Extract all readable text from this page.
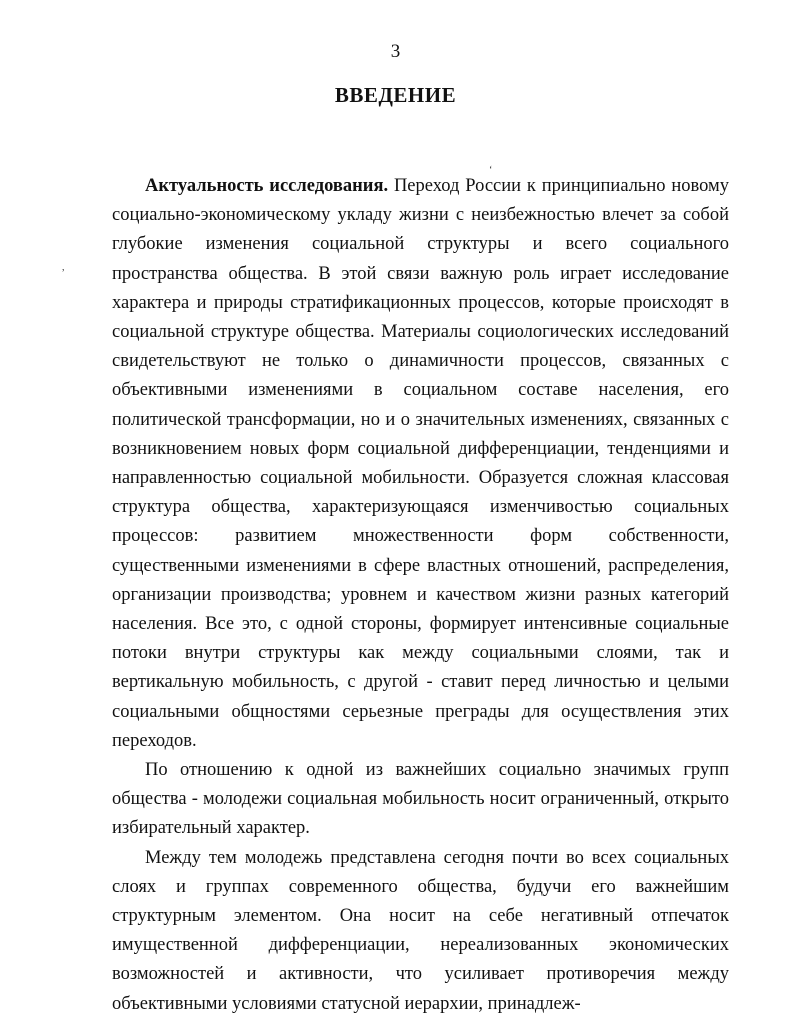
3
ВВЕДЕНИЕ
‘
,

Актуальность исследования. Переход России к принципиально новому социально-экономическому укладу жизни с неизбежностью влечет за собой глубокие изменения социальной структуры и всего социального пространства общества. В этой связи важную роль играет исследование характера и природы стратификационных процессов, которые происходят в социальной структуре общества. Материалы социологических исследований свидетельствуют не только о динамичности процессов, связанных с объективными изменениями в социальном составе населения, его политической трансформации, но и о значительных изменениях, связанных с возникновением новых форм социальной дифференциации, тенденциями и направленностью социальной мобильности. Образуется сложная классовая структура общества, характеризующаяся изменчивостью социальных процессов: развитием множественности форм собственности, существенными изменениями в сфере властных отношений, распределения, организации производства; уровнем и качеством жизни разных категорий населения. Все это, с одной стороны, формирует интенсивные социальные потоки внутри структуры как между социальными слоями, так и вертикальную мобильность, с другой - ставит перед личностью и целыми социальными общностями серьезные преграды для осуществления этих переходов.

По отношению к одной из важнейших социально значимых групп общества - молодежи социальная мобильность носит ограниченный, открыто избирательный характер.

Между тем молодежь представлена сегодня почти во всех социальных слоях и группах современного общества, будучи его важнейшим структурным элементом. Она носит на себе негативный отпечаток имущественной дифференциации, нереализованных экономических возможностей и активности, что усиливает противоречия между объективными условиями статусной иерархии, принадлеж-
